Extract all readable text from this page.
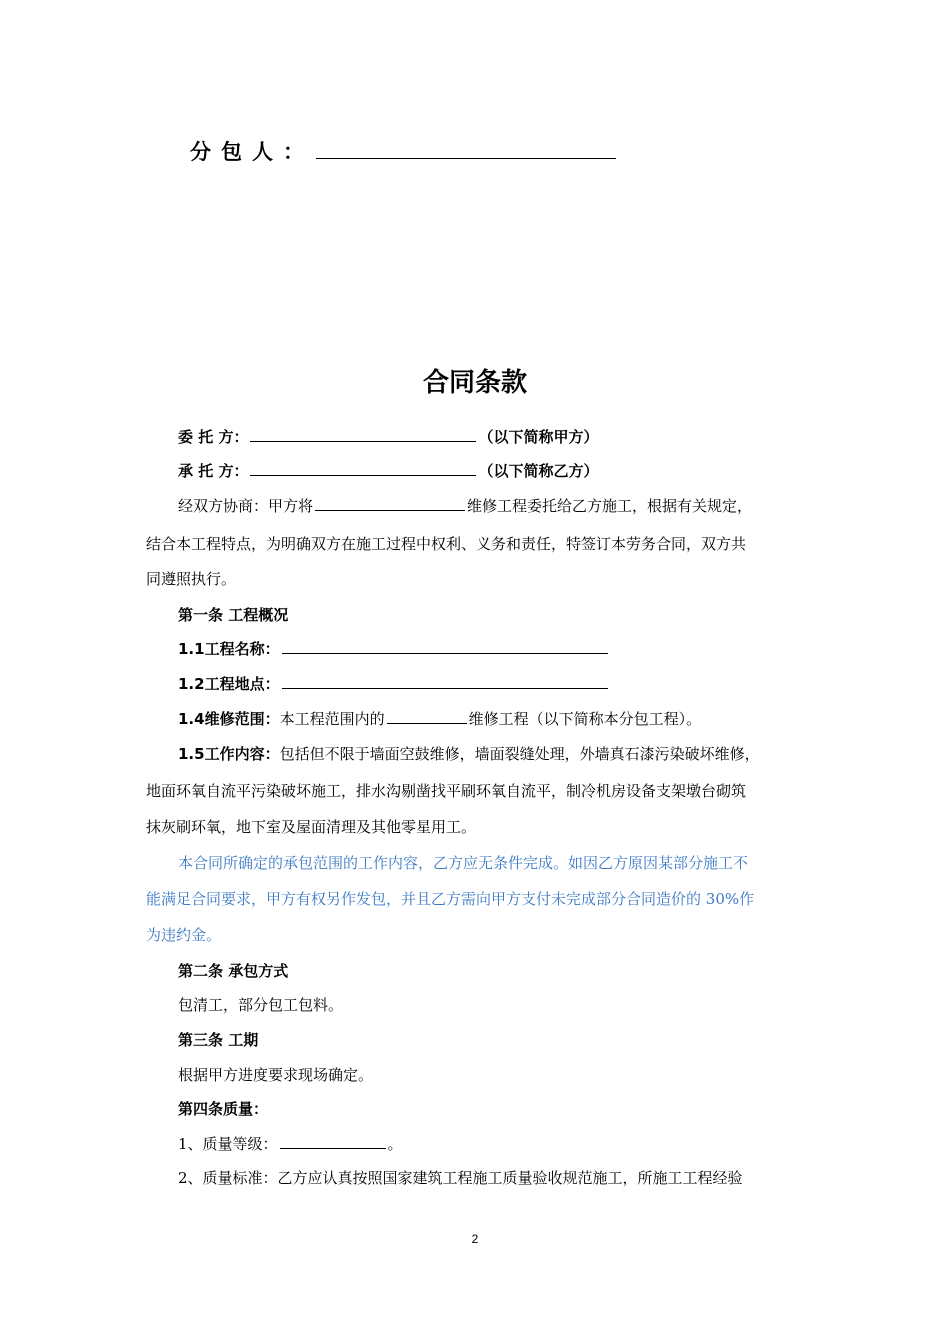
分包人：
合同条款
委 托 方：	（以下简称甲方）
承 托 方：	（以下简称乙方）
经双方协商：甲方将	维修工程委托给乙方施工，根据有关规定，
结合本工程特点，为明确双方在施工过程中权利、义务和责任，特签订本劳务合同，双方共
同遵照执行。
第一条 工程概况
1.1工程名称：
1.2工程地点：
1.4维修范围：本工程范围内的	维修工程（以下简称本分包工程）。
1.5工作内容：包括但不限于墙面空鼓维修，墙面裂缝处理，外墙真石漆污染破坏维修，
地面环氧自流平污染破坏施工，排水沟剔凿找平刷环氧自流平，制冷机房设备支架墩台砌筑
抹灰刷环氧，地下室及屋面清理及其他零星用工。
本合同所确定的承包范围的工作内容，乙方应无条件完成。如因乙方原因某部分施工不
能满足合同要求，甲方有权另作发包，并且乙方需向甲方支付未完成部分合同造价的 30%作
为违约金。
第二条 承包方式
包清工，部分包工包料。
第三条 工期
根据甲方进度要求现场确定。
第四条质量：
1、质量等级：	。
2、质量标准：乙方应认真按照国家建筑工程施工质量验收规范施工，所施工工程经验
2
